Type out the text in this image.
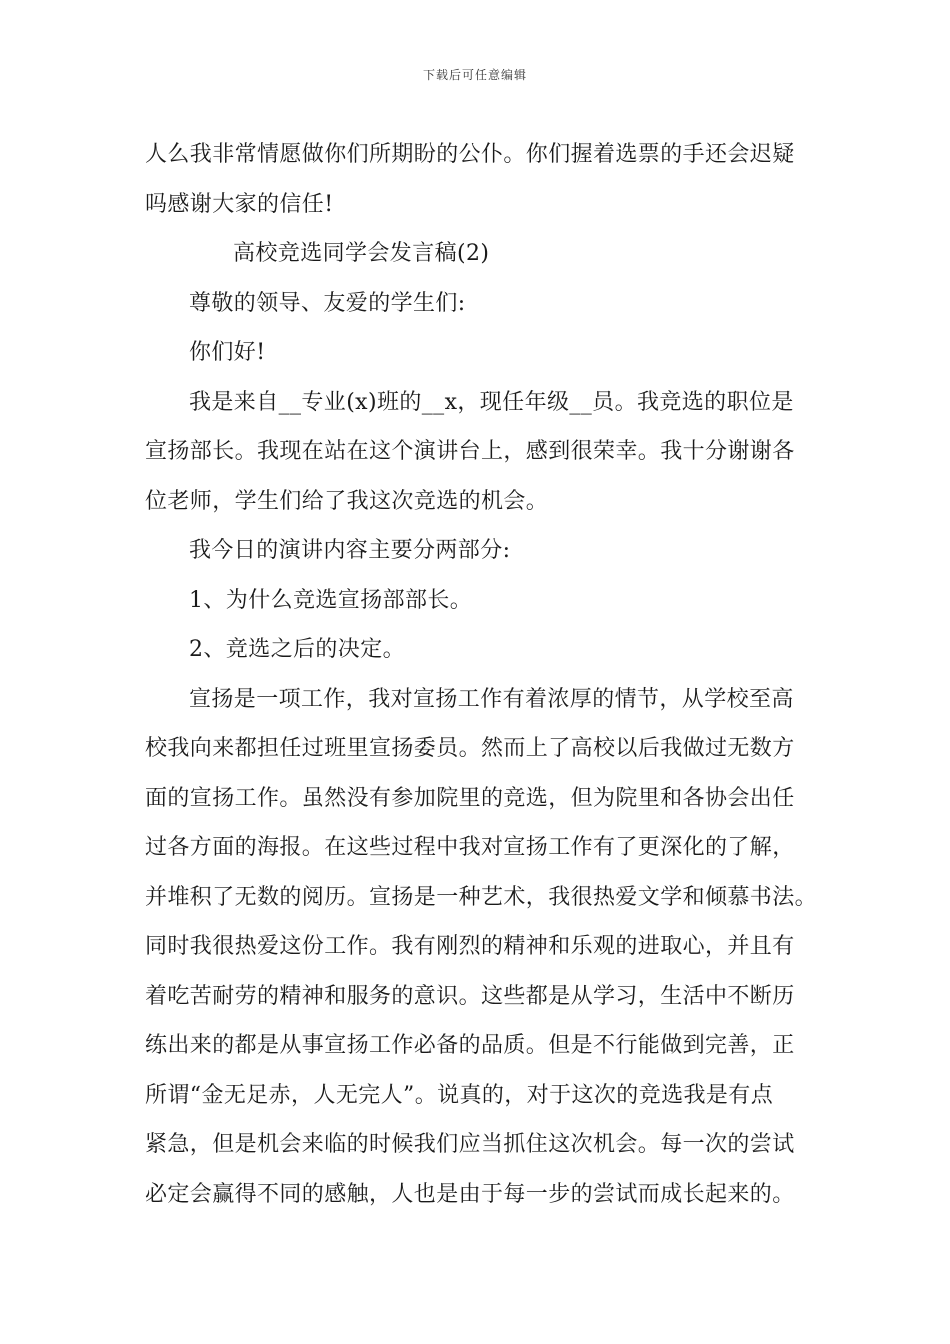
下载后可任意编辑
人么我非常情愿做你们所期盼的公仆。你们握着选票的手还会迟疑
吗感谢大家的信任!
高校竞选同学会发言稿(2)
尊敬的领导、友爱的学生们:
你们好!
我是来自__专业(x)班的__x，现任年级__员。我竞选的职位是
宣扬部长。我现在站在这个演讲台上，感到很荣幸。我十分谢谢各
位老师，学生们给了我这次竞选的机会。
我今日的演讲内容主要分两部分:
1、为什么竞选宣扬部部长。
2、竞选之后的决定。
宣扬是一项工作，我对宣扬工作有着浓厚的情节，从学校至高
校我向来都担任过班里宣扬委员。然而上了高校以后我做过无数方
面的宣扬工作。虽然没有参加院里的竞选，但为院里和各协会出任
过各方面的海报。在这些过程中我对宣扬工作有了更深化的了解，
并堆积了无数的阅历。宣扬是一种艺术，我很热爱文学和倾慕书法。
同时我很热爱这份工作。我有刚烈的精神和乐观的进取心，并且有
着吃苦耐劳的精神和服务的意识。这些都是从学习，生活中不断历
练出来的都是从事宣扬工作必备的品质。但是不行能做到完善，正
所谓“金无足赤，人无完人”。说真的，对于这次的竞选我是有点
紧急，但是机会来临的时候我们应当抓住这次机会。每一次的尝试
必定会赢得不同的感触，人也是由于每一步的尝试而成长起来的。
